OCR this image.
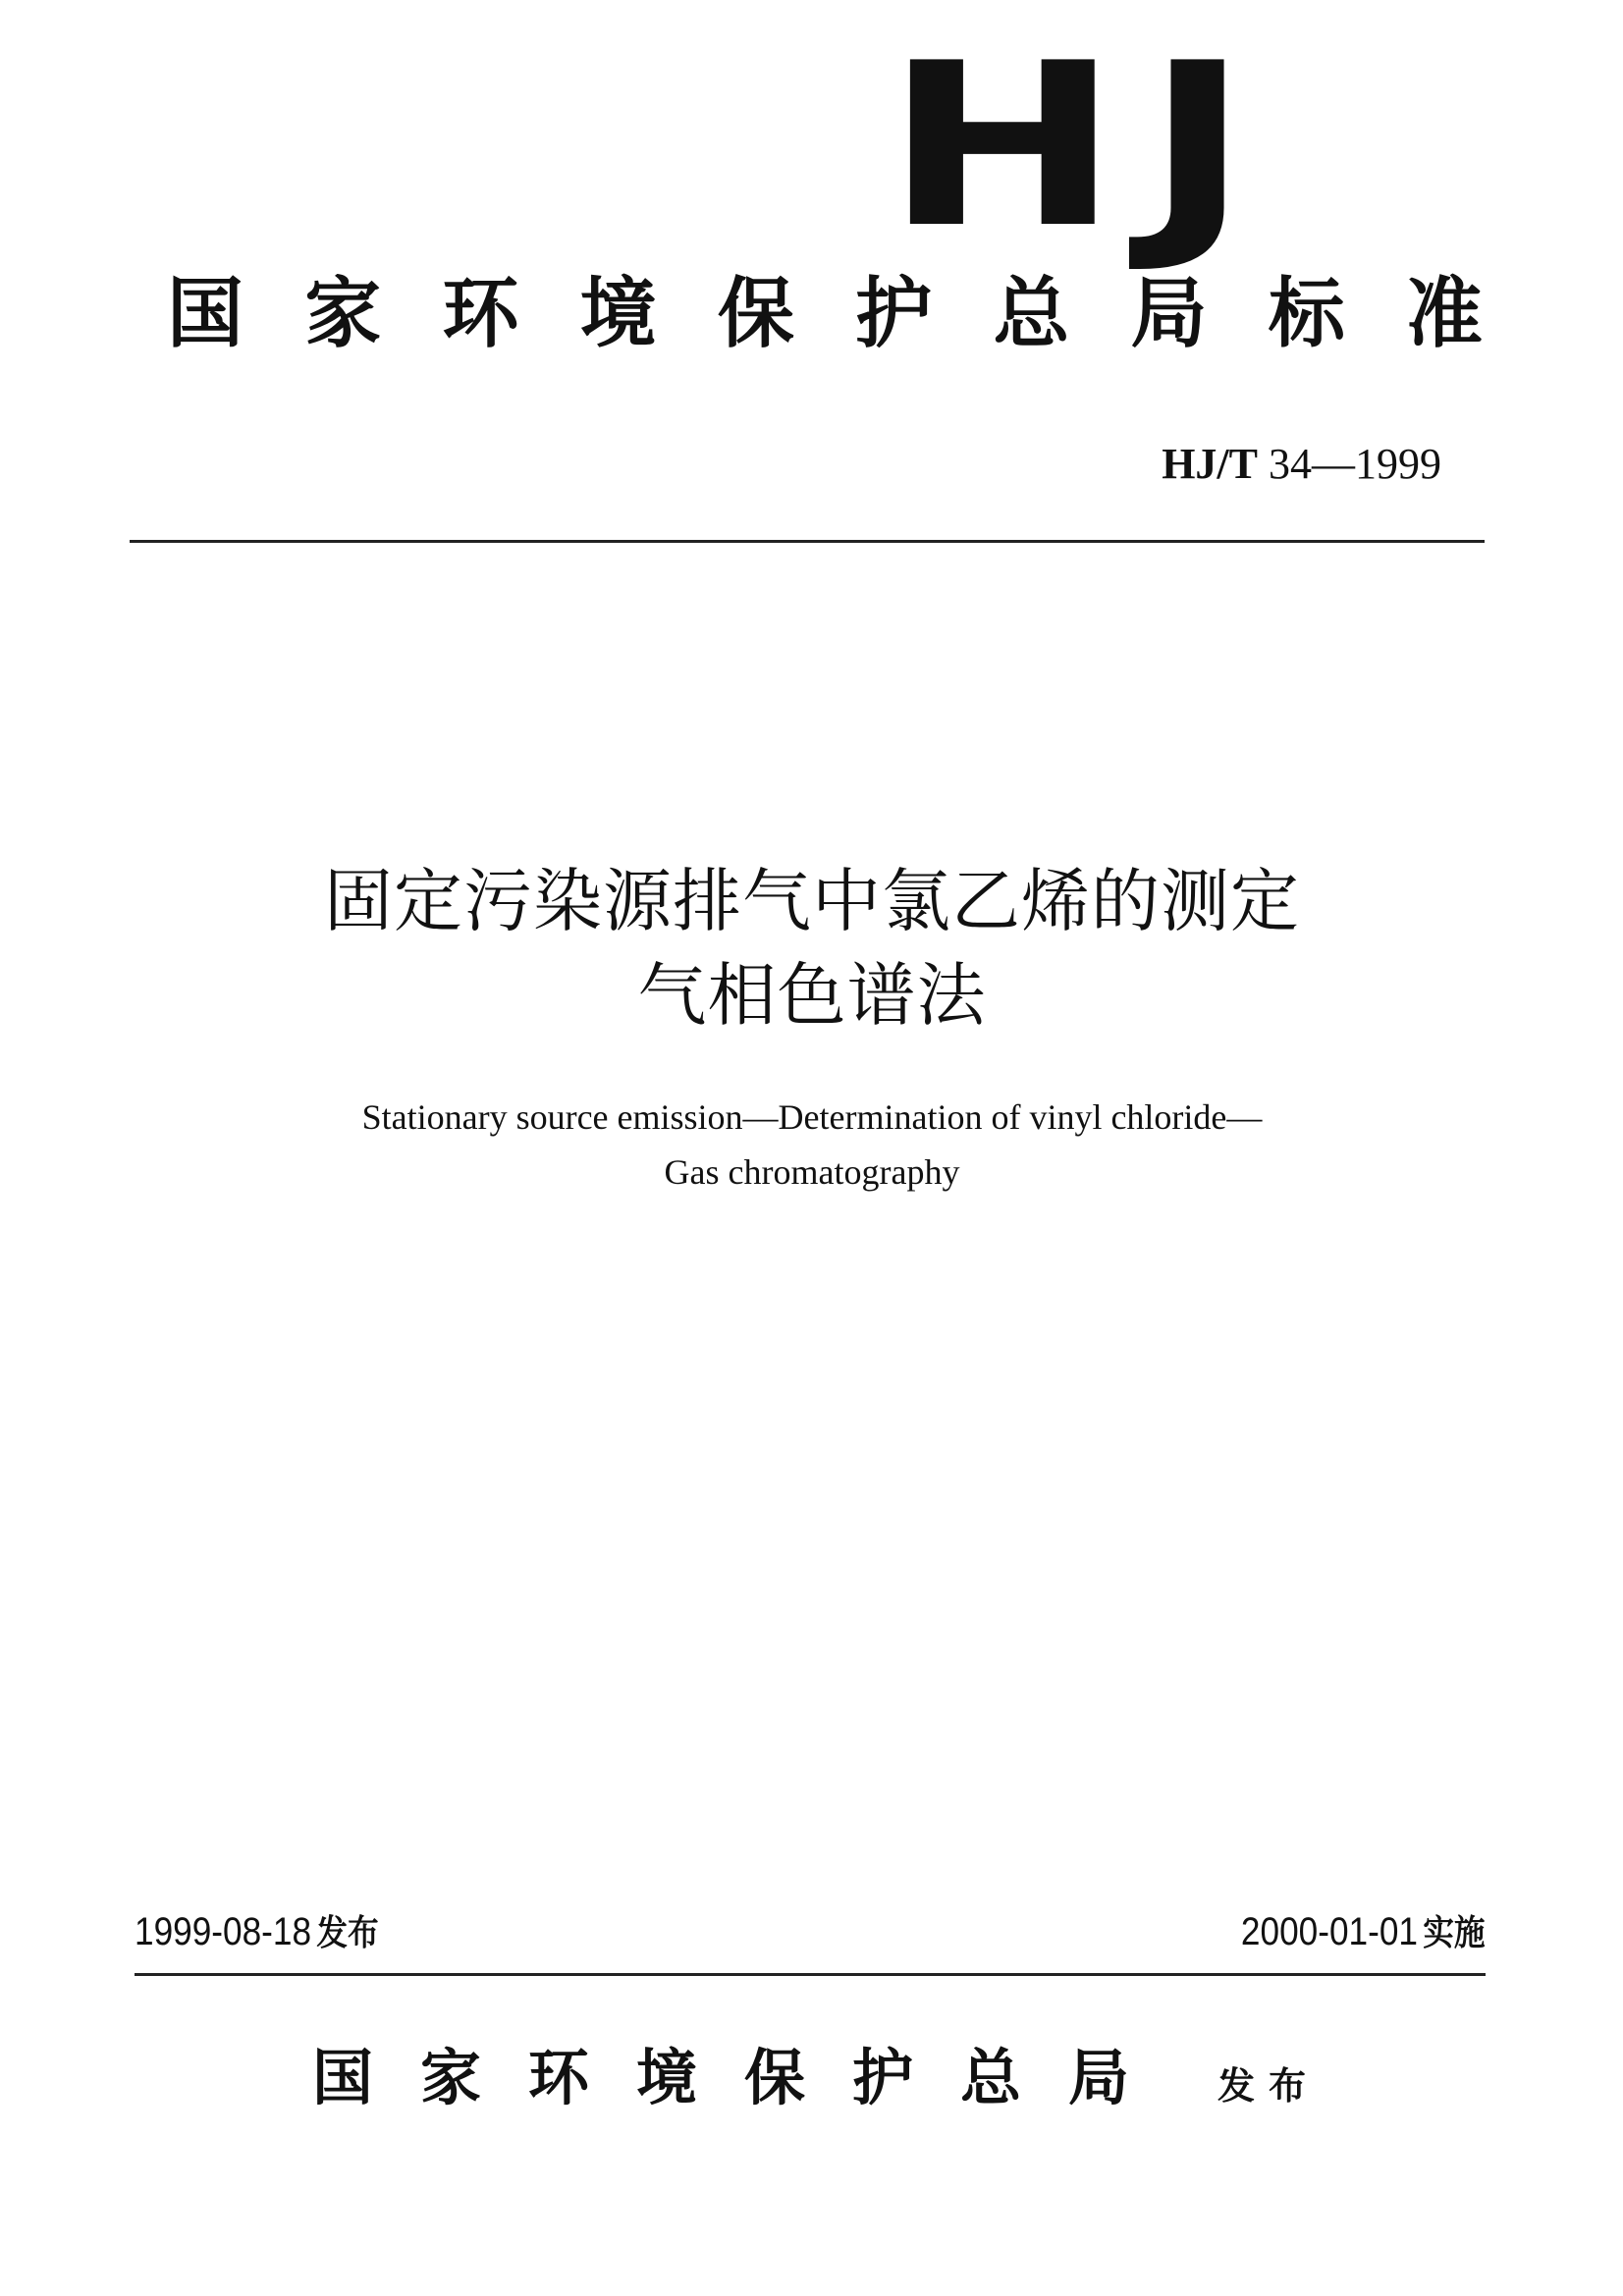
HJ
国家环境保护总局标准
HJ/T 34—1999
固定污染源排气中氯乙烯的测定
气相色谱法
Stationary source emission—Determination of vinyl chloride—
Gas chromatography
1999-08-18 发布	2000-01-01 实施
国家环境保护总局 发布
